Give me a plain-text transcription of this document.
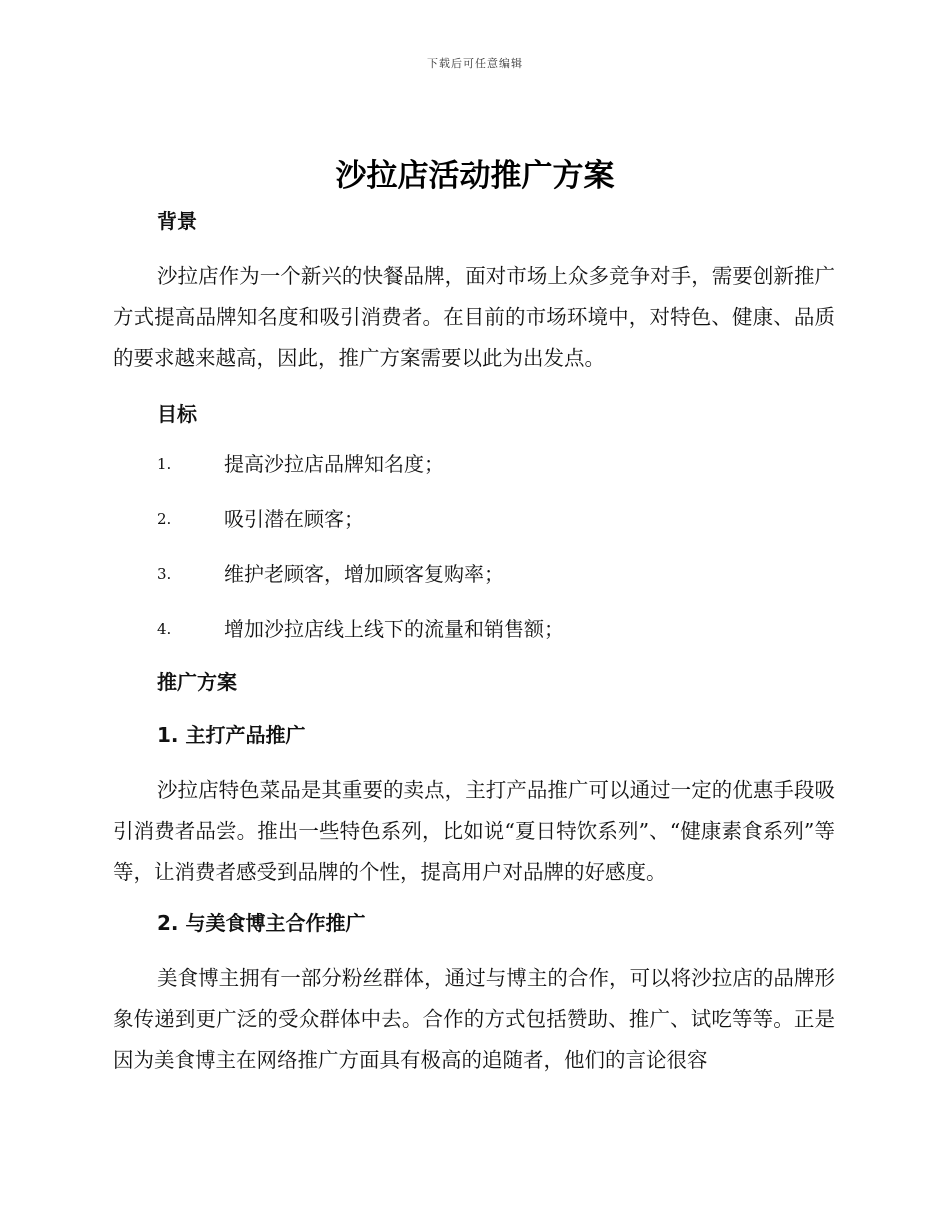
下载后可任意编辑
沙拉店活动推广方案
背景

沙拉店作为一个新兴的快餐品牌，面对市场上众多竞争对手，需要创新推广方式提高品牌知名度和吸引消费者。在目前的市场环境中，对特色、健康、品质的要求越来越高，因此，推广方案需要以此为出发点。

目标
1.	提高沙拉店品牌知名度；
2.	吸引潜在顾客；
3.	维护老顾客，增加顾客复购率；
4.	增加沙拉店线上线下的流量和销售额；
推广方案
1. 主打产品推广

沙拉店特色菜品是其重要的卖点，主打产品推广可以通过一定的优惠手段吸引消费者品尝。推出一些特色系列，比如说“夏日特饮系列”、“健康素食系列”等等，让消费者感受到品牌的个性，提高用户对品牌的好感度。

2. 与美食博主合作推广

美食博主拥有一部分粉丝群体，通过与博主的合作，可以将沙拉店的品牌形象传递到更广泛的受众群体中去。合作的方式包括赞助、推广、试吃等等。正是因为美食博主在网络推广方面具有极高的追随者，他们的言论很容
